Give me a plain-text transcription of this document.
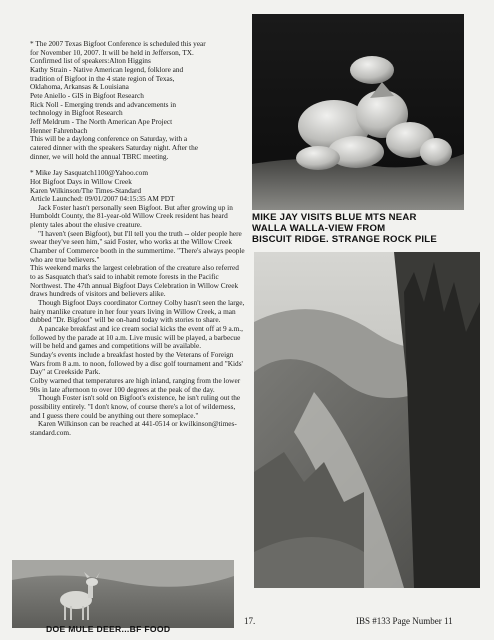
* The 2007 Texas Bigfoot Conference is scheduled this year

for November 10, 2007. It will be held in Jefferson, TX.

Confirmed list of speakers:Alton Higgins

Kathy Strain - Native American legend, folklore and

tradition of Bigfoot in the 4 state region of Texas,

Oklahoma, Arkansas & Louisiana

Pete Aniello - GIS in Bigfoot Research

Rick Noll - Emerging trends and advancements in

technology in Bigfoot Research

Jeff Meldrum - The North American Ape Project

Henner Fahrenbach

This will be a daylong conference on Saturday, with a

catered dinner with the speakers Saturday night. After the

dinner, we will hold the annual TBRC meeting.

* Mike Jay Sasquatch1100@Yahoo.com

Hot Bigfoot Days in Willow Creek

Karen Wilkinson/The Times-Standard

Article Launched: 09/01/2007 04:15:35 AM PDT

Jack Foster hasn't personally seen Bigfoot. But after growing up in Humboldt County, the 81-year-old Willow Creek resident has heard plenty tales about the elusive creature.

"I haven't (seen Bigfoot), but I'll tell you the truth -- older people here swear they've seen him," said Foster, who works at the Willow Creek Chamber of Commerce booth in the summertime. "There's always people who are true believers."

This weekend marks the largest celebration of the creature also referred to as Sasquatch that's said to inhabit remote forests in the Pacific Northwest. The 47th annual Bigfoot Days Celebration in Willow Creek draws hundreds of visitors and believers alike.

Though Bigfoot Days coordinator Cortney Colby hasn't seen the large, hairy manlike creature in her four years living in Willow Creek, a man dubbed "Dr. Bigfoot" will be on-hand today with stories to share.

A pancake breakfast and ice cream social kicks the event off at 9 a.m., followed by the parade at 10 a.m. Live music will be played, a barbecue will be held and games and competitions will be available.

Sunday's events include a breakfast hosted by the Veterans of Foreign Wars from 8 a.m. to noon, followed by a disc golf tournament and "Kids' Day" at Creekside Park.

Colby warned that temperatures are high inland, ranging from the lower 90s in late afternoon to over 100 degrees at the peak of the day.

Though Foster isn't sold on Bigfoot's existence, he isn't ruling out the possibility entirely. "I don't know, of course there's a lot of wilderness, and I guess there could be anything out there someplace."

Karen Wilkinson can be reached at 441-0514 or kwilkinson@times-standard.com.

MIKE JAY VISITS BLUE MTS NEAR
WALLA WALLA-VIEW FROM
BISCUIT RIDGE. STRANGE ROCK PILE
DOE MULE DEER...BF FOOD
17.	IBS #133 Page Number 11
